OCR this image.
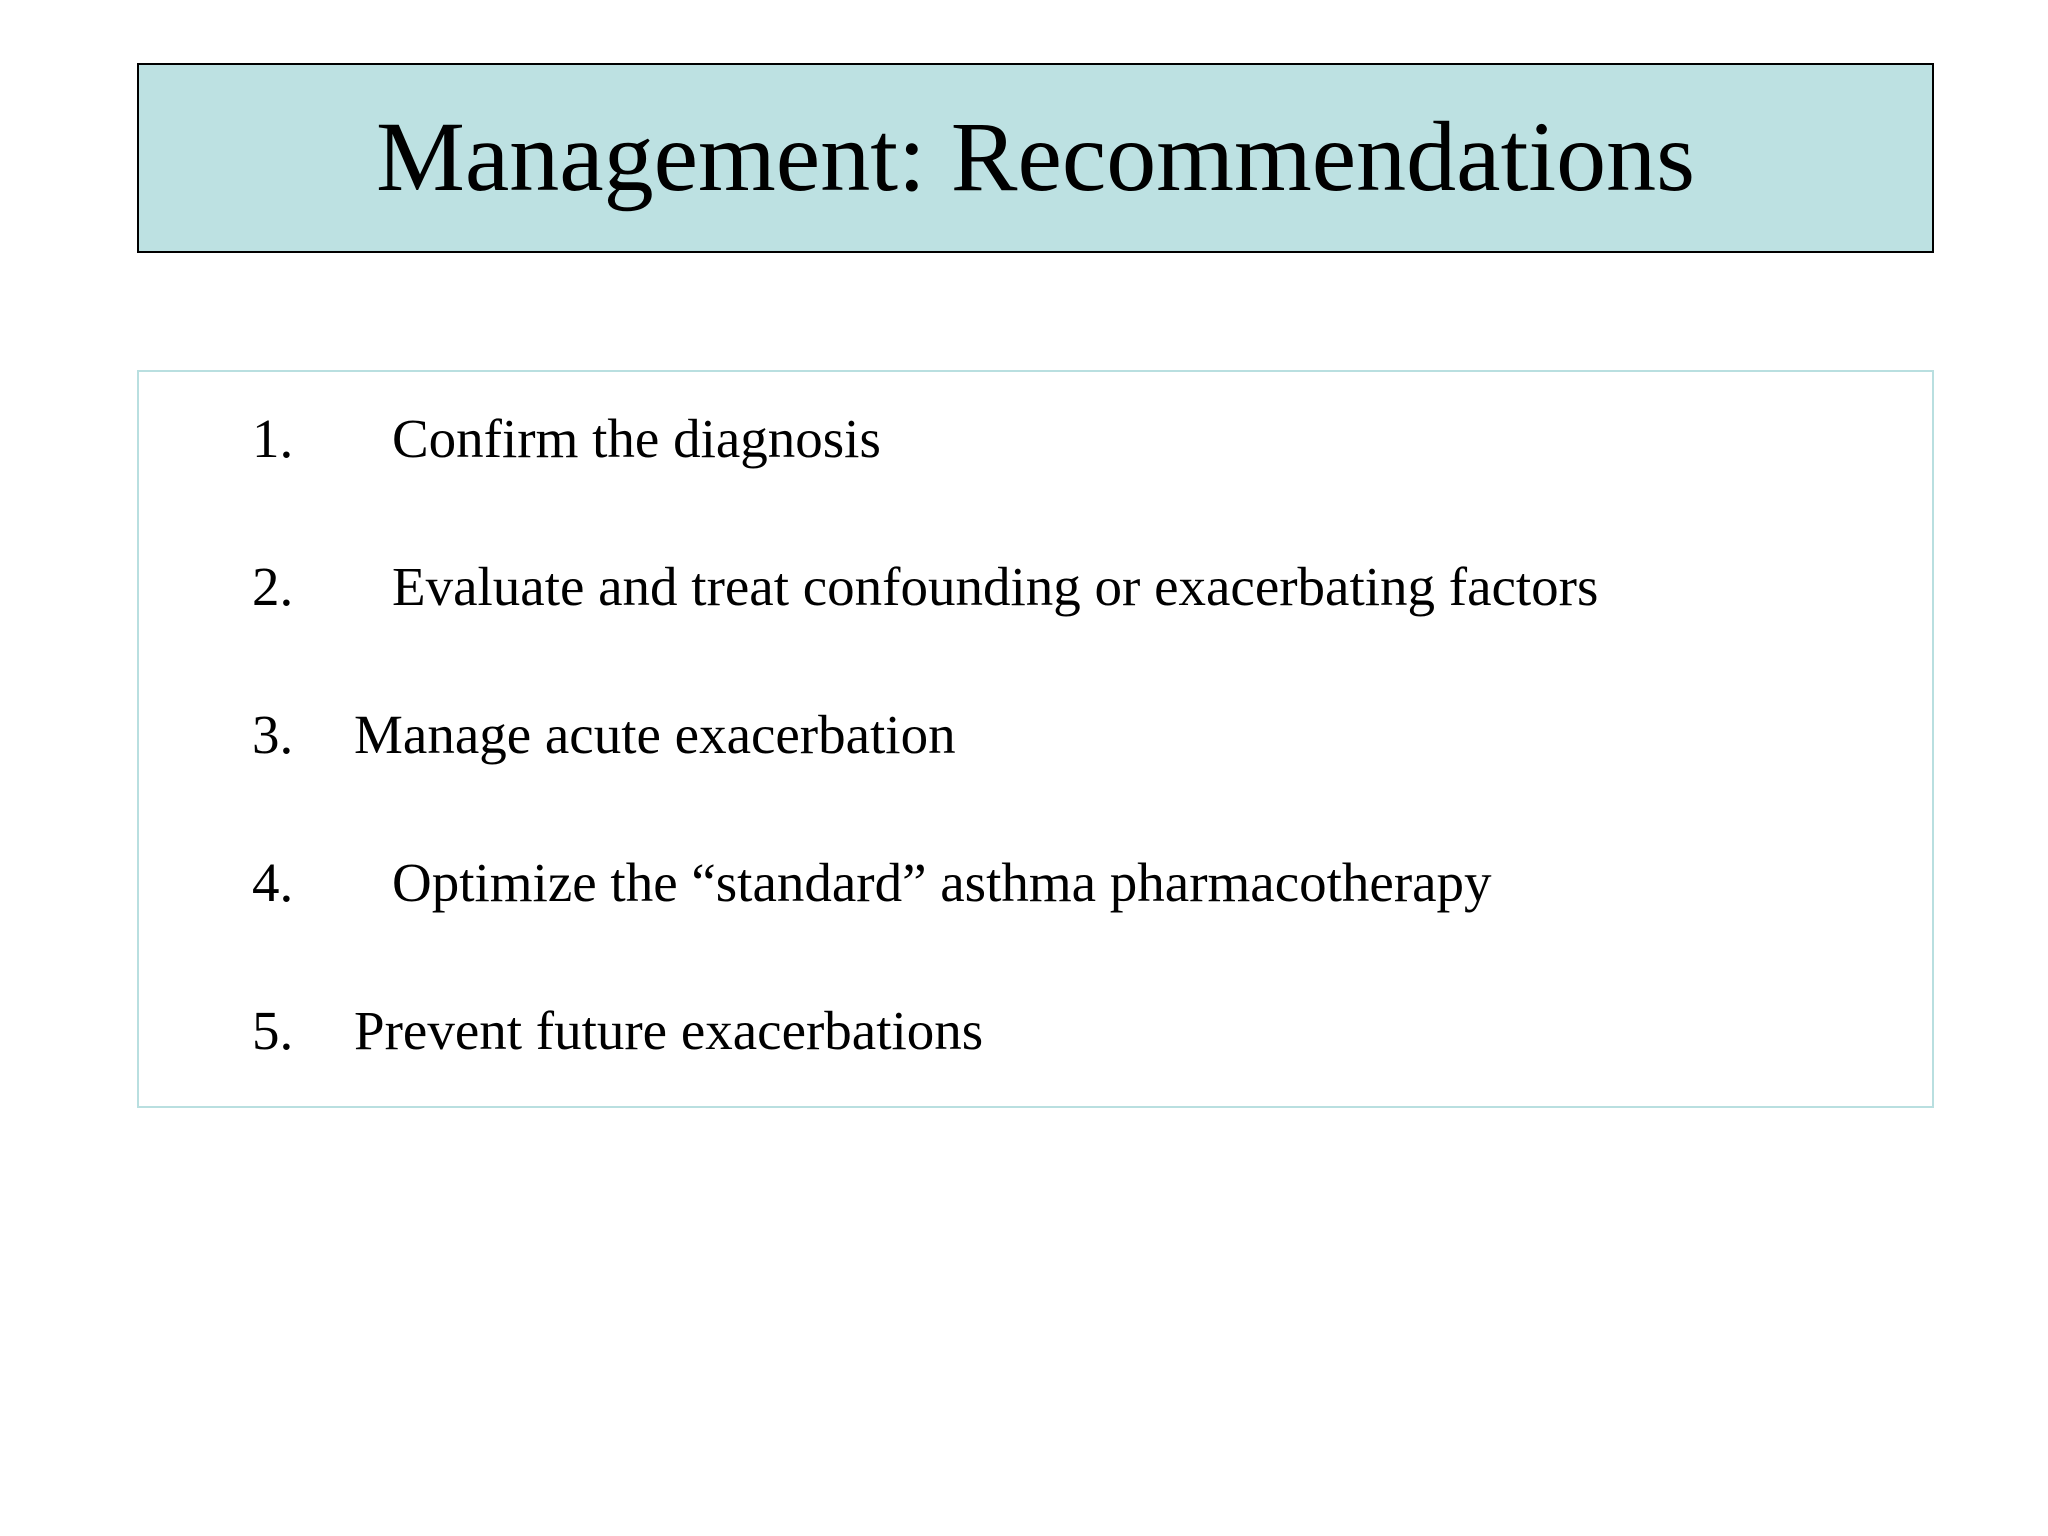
Management: Recommendations
1. Confirm the diagnosis
2. Evaluate and treat confounding or exacerbating factors
3. Manage acute exacerbation
4. Optimize the “standard” asthma pharmacotherapy
5. Prevent future exacerbations
